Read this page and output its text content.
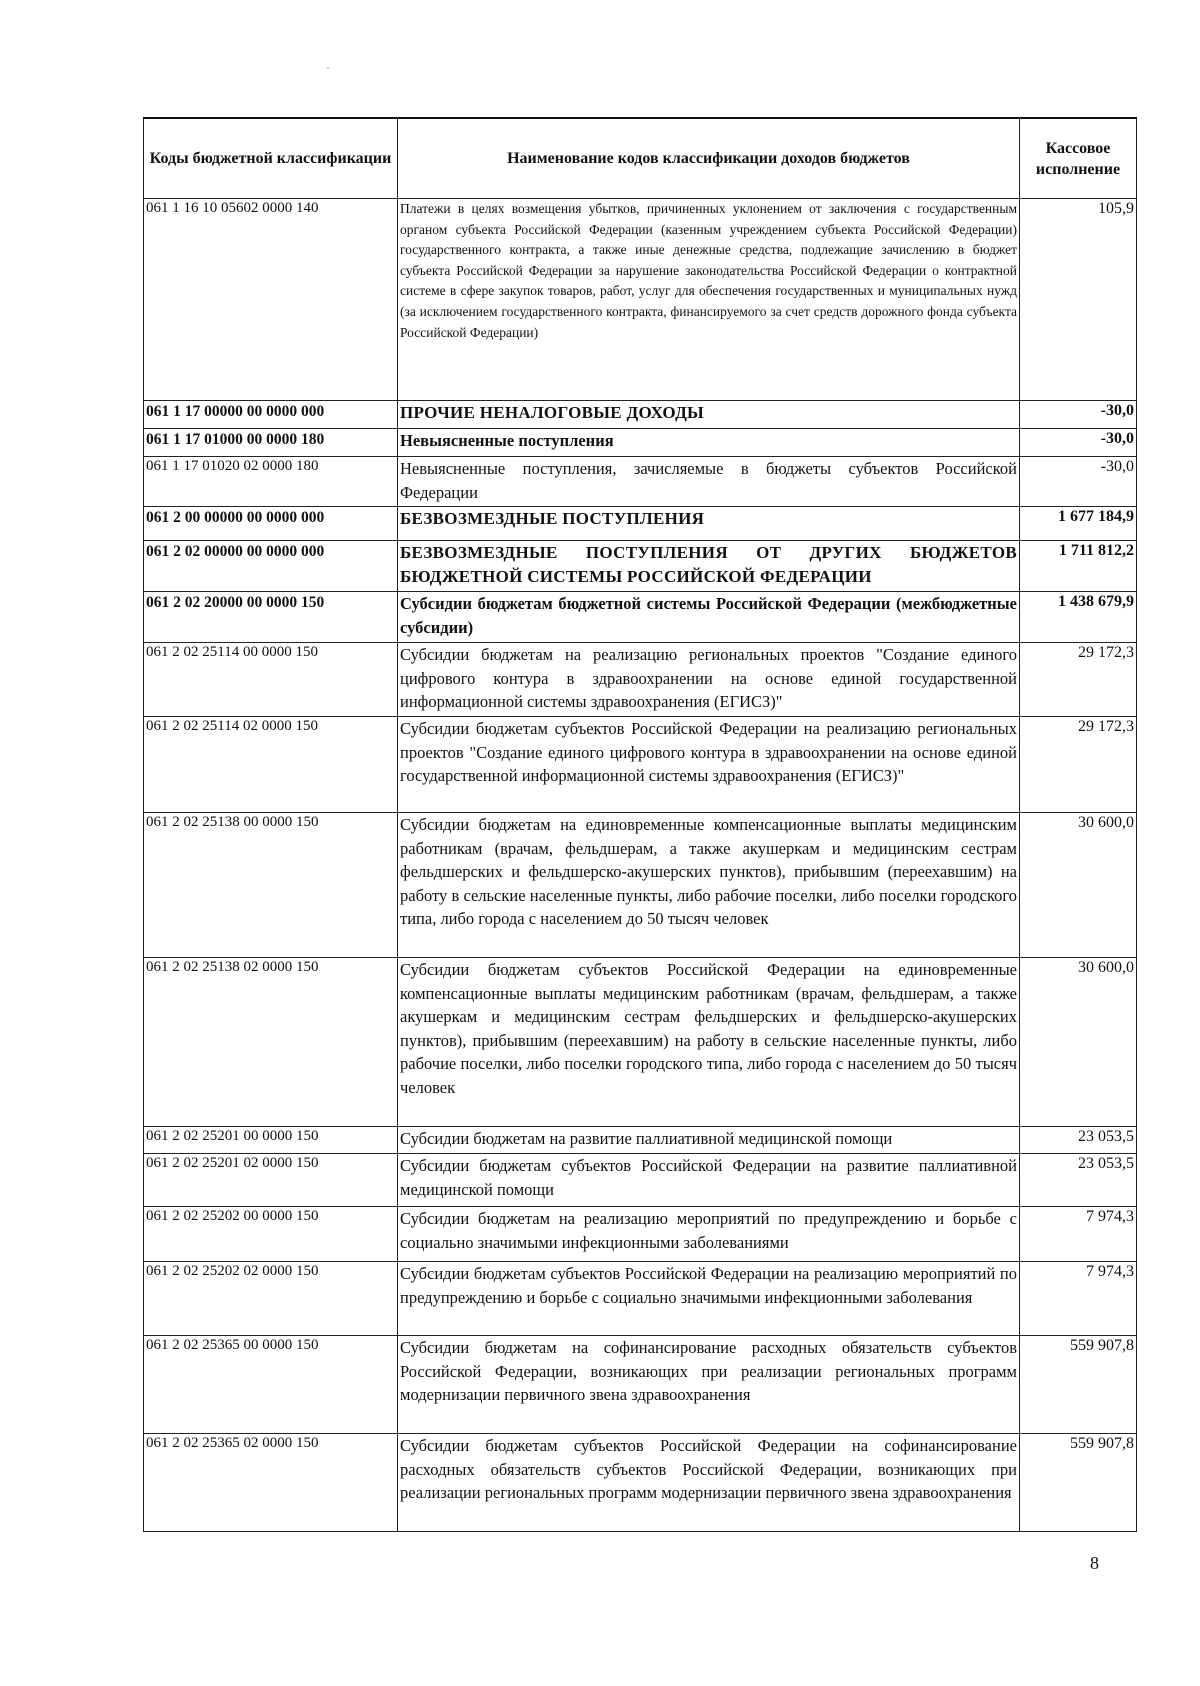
Коды бюджетной классификации	Наименование кодов классификации доходов бюджетов	Кассовое исполнение
061 1 16 10 05602 0000 140	Платежи в целях возмещения убытков, причиненных уклонением от заключения с государственным органом субъекта Российской Федерации (казенным учреждением субъекта Российской Федерации) государственного контракта, а также иные денежные средства, подлежащие зачислению в бюджет субъекта Российской Федерации за нарушение законодательства Российской Федерации о контрактной системе в сфере закупок товаров, работ, услуг для обеспечения государственных и муниципальных нужд (за исключением государственного контракта, финансируемого за счет средств дорожного фонда субъекта Российской Федерации)	105,9
061 1 17 00000 00 0000 000	ПРОЧИЕ НЕНАЛОГОВЫЕ ДОХОДЫ	-30,0
061 1 17 01000 00 0000 180	Невыясненные поступления	-30,0
061 1 17 01020 02 0000 180	Невыясненные поступления, зачисляемые в бюджеты субъектов Российской Федерации	-30,0
061 2 00 00000 00 0000 000	БЕЗВОЗМЕЗДНЫЕ ПОСТУПЛЕНИЯ	1 677 184,9
061 2 02 00000 00 0000 000	БЕЗВОЗМЕЗДНЫЕ ПОСТУПЛЕНИЯ ОТ ДРУГИХ БЮДЖЕТОВ БЮДЖЕТНОЙ СИСТЕМЫ РОССИЙСКОЙ ФЕДЕРАЦИИ	1 711 812,2
061 2 02 20000 00 0000 150	Субсидии бюджетам бюджетной системы Российской Федерации (межбюджетные субсидии)	1 438 679,9
061 2 02 25114 00 0000 150	Субсидии бюджетам на реализацию региональных проектов "Создание единого цифрового контура в здравоохранении на основе единой государственной информационной системы здравоохранения (ЕГИСЗ)"	29 172,3
061 2 02 25114 02 0000 150	Субсидии бюджетам субъектов Российской Федерации на реализацию региональных проектов "Создание единого цифрового контура в здравоохранении на основе единой государственной информационной системы здравоохранения (ЕГИСЗ)"	29 172,3
061 2 02 25138 00 0000 150	Субсидии бюджетам на единовременные компенсационные выплаты медицинским работникам (врачам, фельдшерам, а также акушеркам и медицинским сестрам фельдшерских и фельдшерско-акушерских пунктов), прибывшим (переехавшим) на работу в сельские населенные пункты, либо рабочие поселки, либо поселки городского типа, либо города с населением до 50 тысяч человек	30 600,0
061 2 02 25138 02 0000 150	Субсидии бюджетам субъектов Российской Федерации на единовременные компенсационные выплаты медицинским работникам (врачам, фельдшерам, а также акушеркам и медицинским сестрам фельдшерских и фельдшерско-акушерских пунктов), прибывшим (переехавшим) на работу в сельские населенные пункты, либо рабочие поселки, либо поселки городского типа, либо города с населением до 50 тысяч человек	30 600,0
061 2 02 25201 00 0000 150	Субсидии бюджетам на развитие паллиативной медицинской помощи	23 053,5
061 2 02 25201 02 0000 150	Субсидии бюджетам субъектов Российской Федерации на развитие паллиативной медицинской помощи	23 053,5
061 2 02 25202 00 0000 150	Субсидии бюджетам на реализацию мероприятий по предупреждению и борьбе с социально значимыми инфекционными заболеваниями	7 974,3
061 2 02 25202 02 0000 150	Субсидии бюджетам субъектов Российской Федерации на реализацию мероприятий по предупреждению и борьбе с социально значимыми инфекционными заболевания	7 974,3
061 2 02 25365 00 0000 150	Субсидии бюджетам на софинансирование расходных обязательств субъектов Российской Федерации, возникающих при реализации региональных программ модернизации первичного звена здравоохранения	559 907,8
061 2 02 25365 02 0000 150	Субсидии бюджетам субъектов Российской Федерации на софинансирование расходных обязательств субъектов Российской Федерации, возникающих при реализации региональных программ модернизации первичного звена здравоохранения	559 907,8
8
